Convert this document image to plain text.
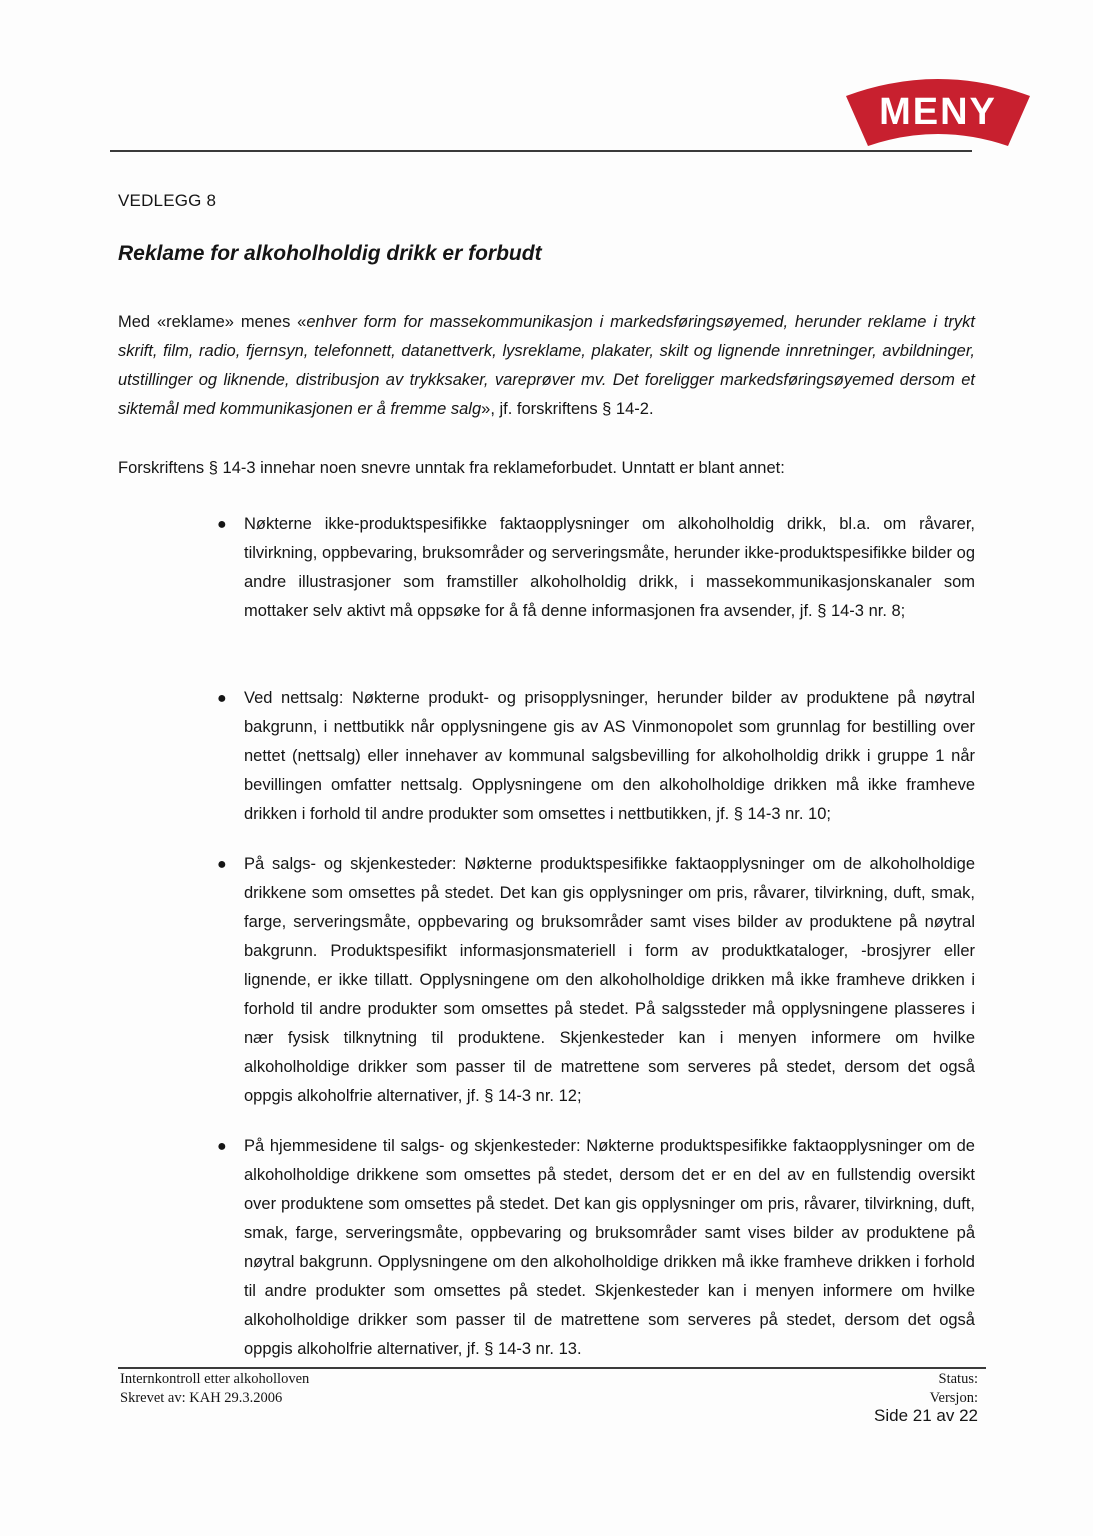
MENY
VEDLEGG 8
Reklame for alkoholholdig drikk er forbudt
Med «reklame» menes «enhver form for massekommunikasjon i markedsføringsøyemed, herunder reklame i trykt skrift, film, radio, fjernsyn, telefonnett, datanettverk, lysreklame, plakater, skilt og lignende innretninger, avbildninger, utstillinger og liknende, distribusjon av trykksaker, vareprøver mv. Det foreligger markedsføringsøyemed dersom et siktemål med kommunikasjonen er å fremme salg», jf. forskriftens § 14-2.
Forskriftens § 14-3 innehar noen snevre unntak fra reklameforbudet. Unntatt er blant annet:
● Nøkterne ikke-produktspesifikke faktaopplysninger om alkoholholdig drikk, bl.a. om råvarer, tilvirkning, oppbevaring, bruksområder og serveringsmåte, herunder ikke-produktspesifikke bilder og andre illustrasjoner som framstiller alkoholholdig drikk, i massekommunikasjonskanaler som mottaker selv aktivt må oppsøke for å få denne informasjonen fra avsender, jf. § 14-3 nr. 8;
● Ved nettsalg: Nøkterne produkt- og prisopplysninger, herunder bilder av produktene på nøytral bakgrunn, i nettbutikk når opplysningene gis av AS Vinmonopolet som grunnlag for bestilling over nettet (nettsalg) eller innehaver av kommunal salgsbevilling for alkoholholdig drikk i gruppe 1 når bevillingen omfatter nettsalg. Opplysningene om den alkoholholdige drikken må ikke framheve drikken i forhold til andre produkter som omsettes i nettbutikken, jf. § 14-3 nr. 10;
● På salgs- og skjenkesteder: Nøkterne produktspesifikke faktaopplysninger om de alkoholholdige drikkene som omsettes på stedet. Det kan gis opplysninger om pris, råvarer, tilvirkning, duft, smak, farge, serveringsmåte, oppbevaring og bruksområder samt vises bilder av produktene på nøytral bakgrunn. Produktspesifikt informasjonsmateriell i form av produktkataloger, -brosjyrer eller lignende, er ikke tillatt. Opplysningene om den alkoholholdige drikken må ikke framheve drikken i forhold til andre produkter som omsettes på stedet. På salgssteder må opplysningene plasseres i nær fysisk tilknytning til produktene. Skjenkesteder kan i menyen informere om hvilke alkoholholdige drikker som passer til de matrettene som serveres på stedet, dersom det også oppgis alkoholfrie alternativer, jf. § 14-3 nr. 12;
● På hjemmesidene til salgs- og skjenkesteder: Nøkterne produktspesifikke faktaopplysninger om de alkoholholdige drikkene som omsettes på stedet, dersom det er en del av en fullstendig oversikt over produktene som omsettes på stedet. Det kan gis opplysninger om pris, råvarer, tilvirkning, duft, smak, farge, serveringsmåte, oppbevaring og bruksområder samt vises bilder av produktene på nøytral bakgrunn. Opplysningene om den alkoholholdige drikken må ikke framheve drikken i forhold til andre produkter som omsettes på stedet. Skjenkesteder kan i menyen informere om hvilke alkoholholdige drikker som passer til de matrettene som serveres på stedet, dersom det også oppgis alkoholfrie alternativer, jf. § 14-3 nr. 13.
Internkontroll etter alkoholloven
Skrevet av: KAH 29.3.2006
Status:
Versjon:
Side 21 av 22
